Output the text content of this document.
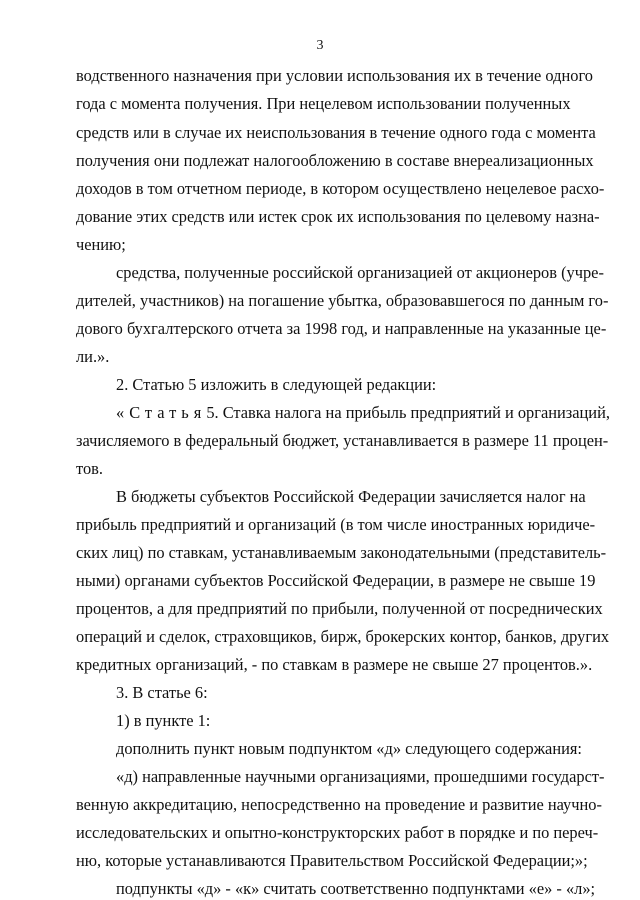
3
водственного назначения при условии использования их в течение одного
года с момента получения. При нецелевом использовании полученных
средств или в случае их неиспользования в течение одного года с момента
получения они подлежат налогообложению в составе внереализационных
доходов в том отчетном периоде, в котором осуществлено нецелевое расхо-
дование этих средств или истек срок их использования по целевому назна-
чению;
средства, полученные российской организацией от акционеров (учре-
дителей, участников) на погашение убытка, образовавшегося по данным го-
дового бухгалтерского отчета за 1998 год, и направленные на указанные це-
ли.».
2. Статью 5 изложить в следующей редакции:
«Статья 5. Ставка налога на прибыль предприятий и организаций,
зачисляемого в федеральный бюджет, устанавливается в размере 11 процен-
тов.
В бюджеты субъектов Российской Федерации зачисляется налог на
прибыль предприятий и организаций (в том числе иностранных юридиче-
ских лиц) по ставкам, устанавливаемым законодательными (представитель-
ными) органами субъектов Российской Федерации, в размере не свыше 19
процентов, а для предприятий по прибыли, полученной от посреднических
операций и сделок, страховщиков, бирж, брокерских контор, банков, других
кредитных организаций, - по ставкам в размере не свыше 27 процентов.».
3. В статье 6:
1) в пункте 1:
дополнить пункт новым подпунктом «д» следующего содержания:
«д) направленные научными организациями, прошедшими государст-
венную аккредитацию, непосредственно на проведение и развитие научно-
исследовательских и опытно-конструкторских работ в порядке и по переч-
ню, которые устанавливаются Правительством Российской Федерации;»;
подпункты «д» - «к» считать соответственно подпунктами «е» - «л»;
